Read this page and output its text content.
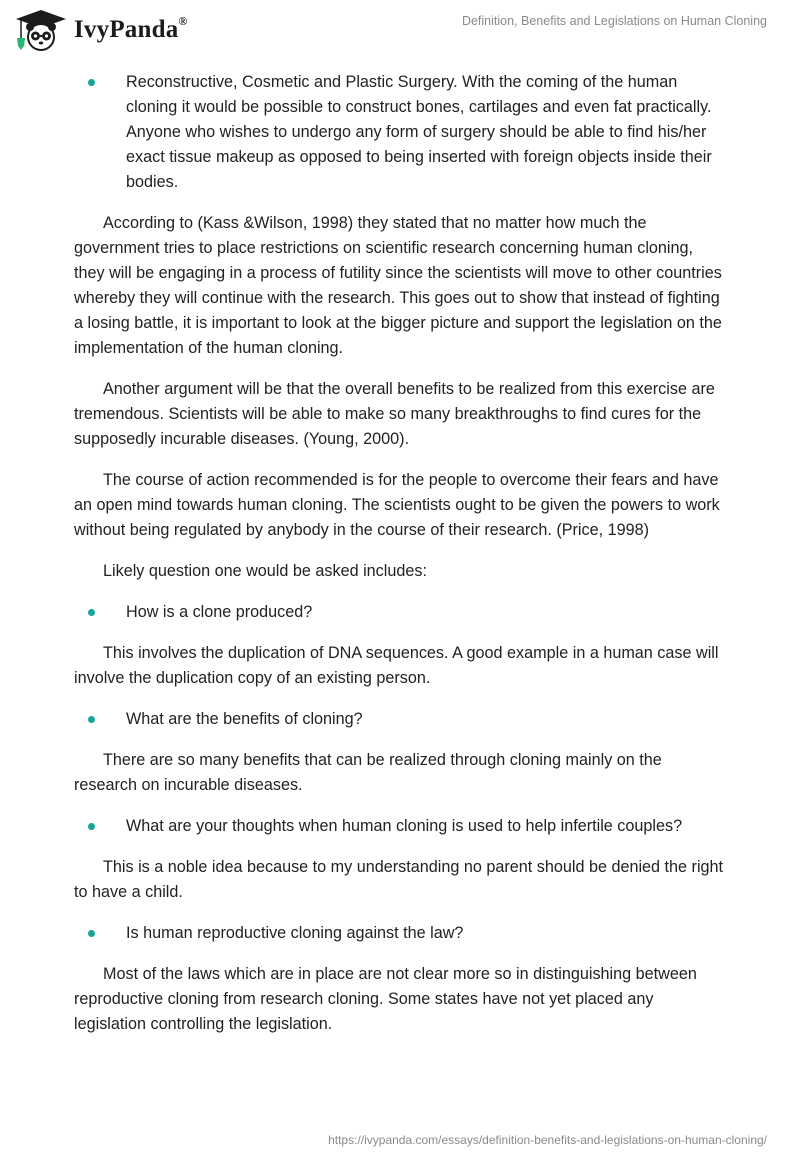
IvyPanda®	Definition, Benefits and Legislations on Human Cloning

Reconstructive, Cosmetic and Plastic Surgery. With the coming of the human cloning it would be possible to construct bones, cartilages and even fat practically. Anyone who wishes to undergo any form of surgery should be able to find his/her exact tissue makeup as opposed to being inserted with foreign objects inside their bodies.

According to (Kass &Wilson, 1998) they stated that no matter how much the government tries to place restrictions on scientific research concerning human cloning, they will be engaging in a process of futility since the scientists will move to other countries whereby they will continue with the research. This goes out to show that instead of fighting a losing battle, it is important to look at the bigger picture and support the legislation on the implementation of the human cloning.

Another argument will be that the overall benefits to be realized from this exercise are tremendous. Scientists will be able to make so many breakthroughs to find cures for the supposedly incurable diseases. (Young, 2000).

The course of action recommended is for the people to overcome their fears and have an open mind towards human cloning. The scientists ought to be given the powers to work without being regulated by anybody in the course of their research. (Price, 1998)

Likely question one would be asked includes:

How is a clone produced?

This involves the duplication of DNA sequences. A good example in a human case will involve the duplication copy of an existing person.

What are the benefits of cloning?

There are so many benefits that can be realized through cloning mainly on the research on incurable diseases.

What are your thoughts when human cloning is used to help infertile couples?

This is a noble idea because to my understanding no parent should be denied the right to have a child.

Is human reproductive cloning against the law?

Most of the laws which are in place are not clear more so in distinguishing between reproductive cloning from research cloning. Some states have not yet placed any legislation controlling the legislation.

https://ivypanda.com/essays/definition-benefits-and-legislations-on-human-cloning/
